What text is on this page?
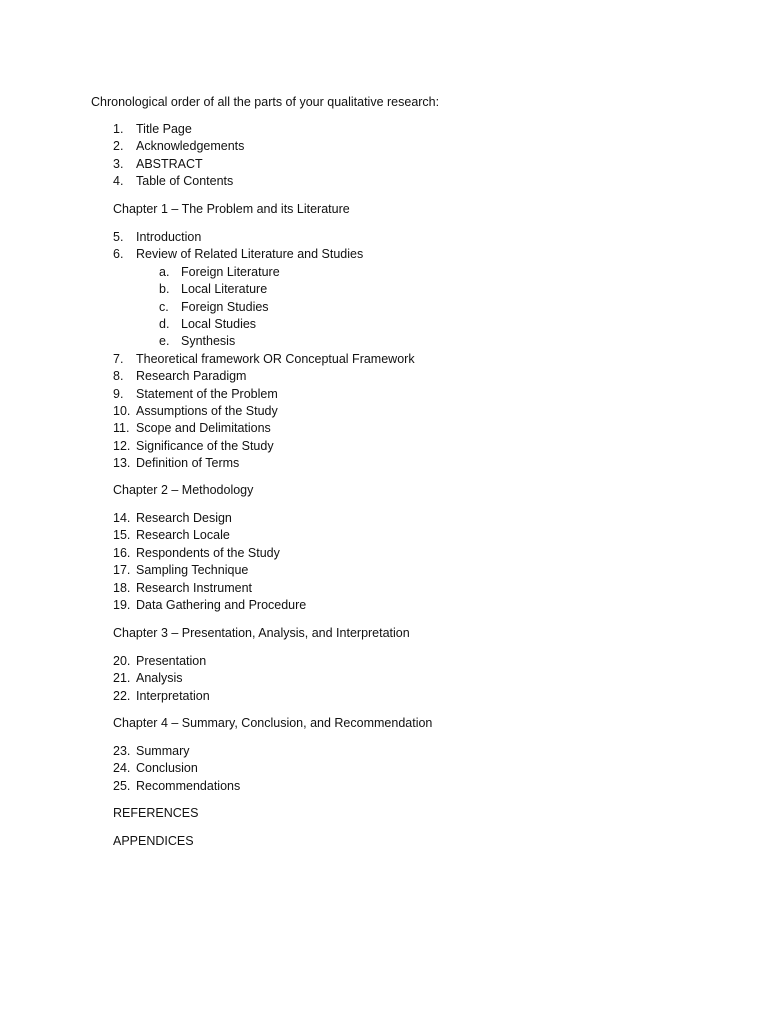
Chronological order of all the parts of your qualitative research:
1. Title Page
2. Acknowledgements
3. ABSTRACT
4. Table of Contents
Chapter 1 – The Problem and its Literature
5. Introduction
6. Review of Related Literature and Studies
a. Foreign Literature
b. Local Literature
c. Foreign Studies
d. Local Studies
e. Synthesis
7. Theoretical framework OR Conceptual Framework
8. Research Paradigm
9. Statement of the Problem
10. Assumptions of the Study
11. Scope and Delimitations
12. Significance of the Study
13. Definition of Terms
Chapter 2 – Methodology
14. Research Design
15. Research Locale
16. Respondents of the Study
17. Sampling Technique
18. Research Instrument
19. Data Gathering and Procedure
Chapter 3 – Presentation, Analysis, and Interpretation
20. Presentation
21. Analysis
22. Interpretation
Chapter 4 – Summary, Conclusion, and Recommendation
23. Summary
24. Conclusion
25. Recommendations
REFERENCES
APPENDICES
